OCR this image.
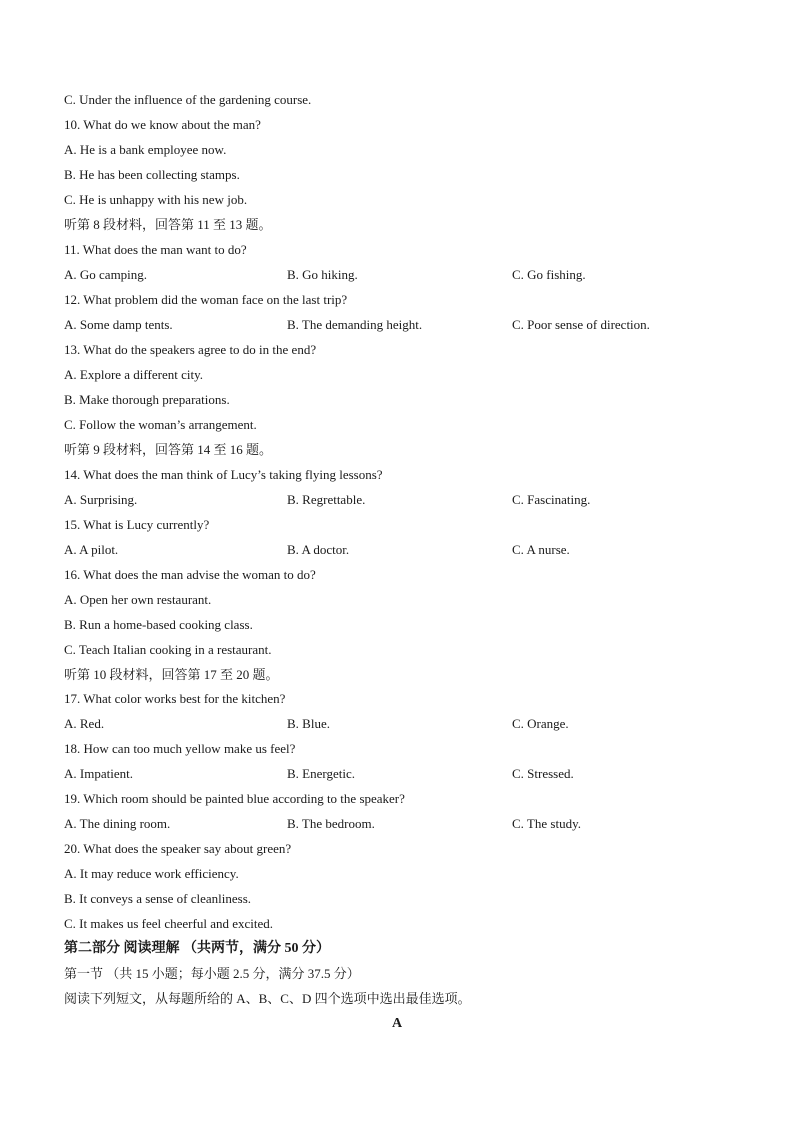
C. Under the influence of the gardening course.
10. What do we know about the man?
A. He is a bank employee now.
B. He has been collecting stamps.
C. He is unhappy with his new job.
听第 8 段材料，回答第 11 至 13 题。
11. What does the man want to do?
A. Go camping.	B. Go hiking.	C. Go fishing.
12. What problem did the woman face on the last trip?
A. Some damp tents.	B. The demanding height.	C. Poor sense of direction.
13. What do the speakers agree to do in the end?
A. Explore a different city.
B. Make thorough preparations.
C. Follow the woman’s arrangement.
听第 9 段材料，回答第 14 至 16 题。
14. What does the man think of Lucy’s taking flying lessons?
A. Surprising.	B. Regrettable.	C. Fascinating.
15. What is Lucy currently?
A. A pilot.	B. A doctor.	C. A nurse.
16. What does the man advise the woman to do?
A. Open her own restaurant.
B. Run a home-based cooking class.
C. Teach Italian cooking in a restaurant.
听第 10 段材料，回答第 17 至 20 题。
17. What color works best for the kitchen?
A. Red.	B. Blue.	C. Orange.
18. How can too much yellow make us feel?
A. Impatient.	B. Energetic.	C. Stressed.
19. Which room should be painted blue according to the speaker?
A. The dining room.	B. The bedroom.	C. The study.
20. What does the speaker say about green?
A. It may reduce work efficiency.
B. It conveys a sense of cleanliness.
C. It makes us feel cheerful and excited.
第二部分 阅读理解 （共两节，满分 50 分）
第一节 （共 15 小题；每小题 2.5 分，满分 37.5 分）
阅读下列短文，从每题所给的 A、B、C、D 四个选项中选出最佳选项。
A
